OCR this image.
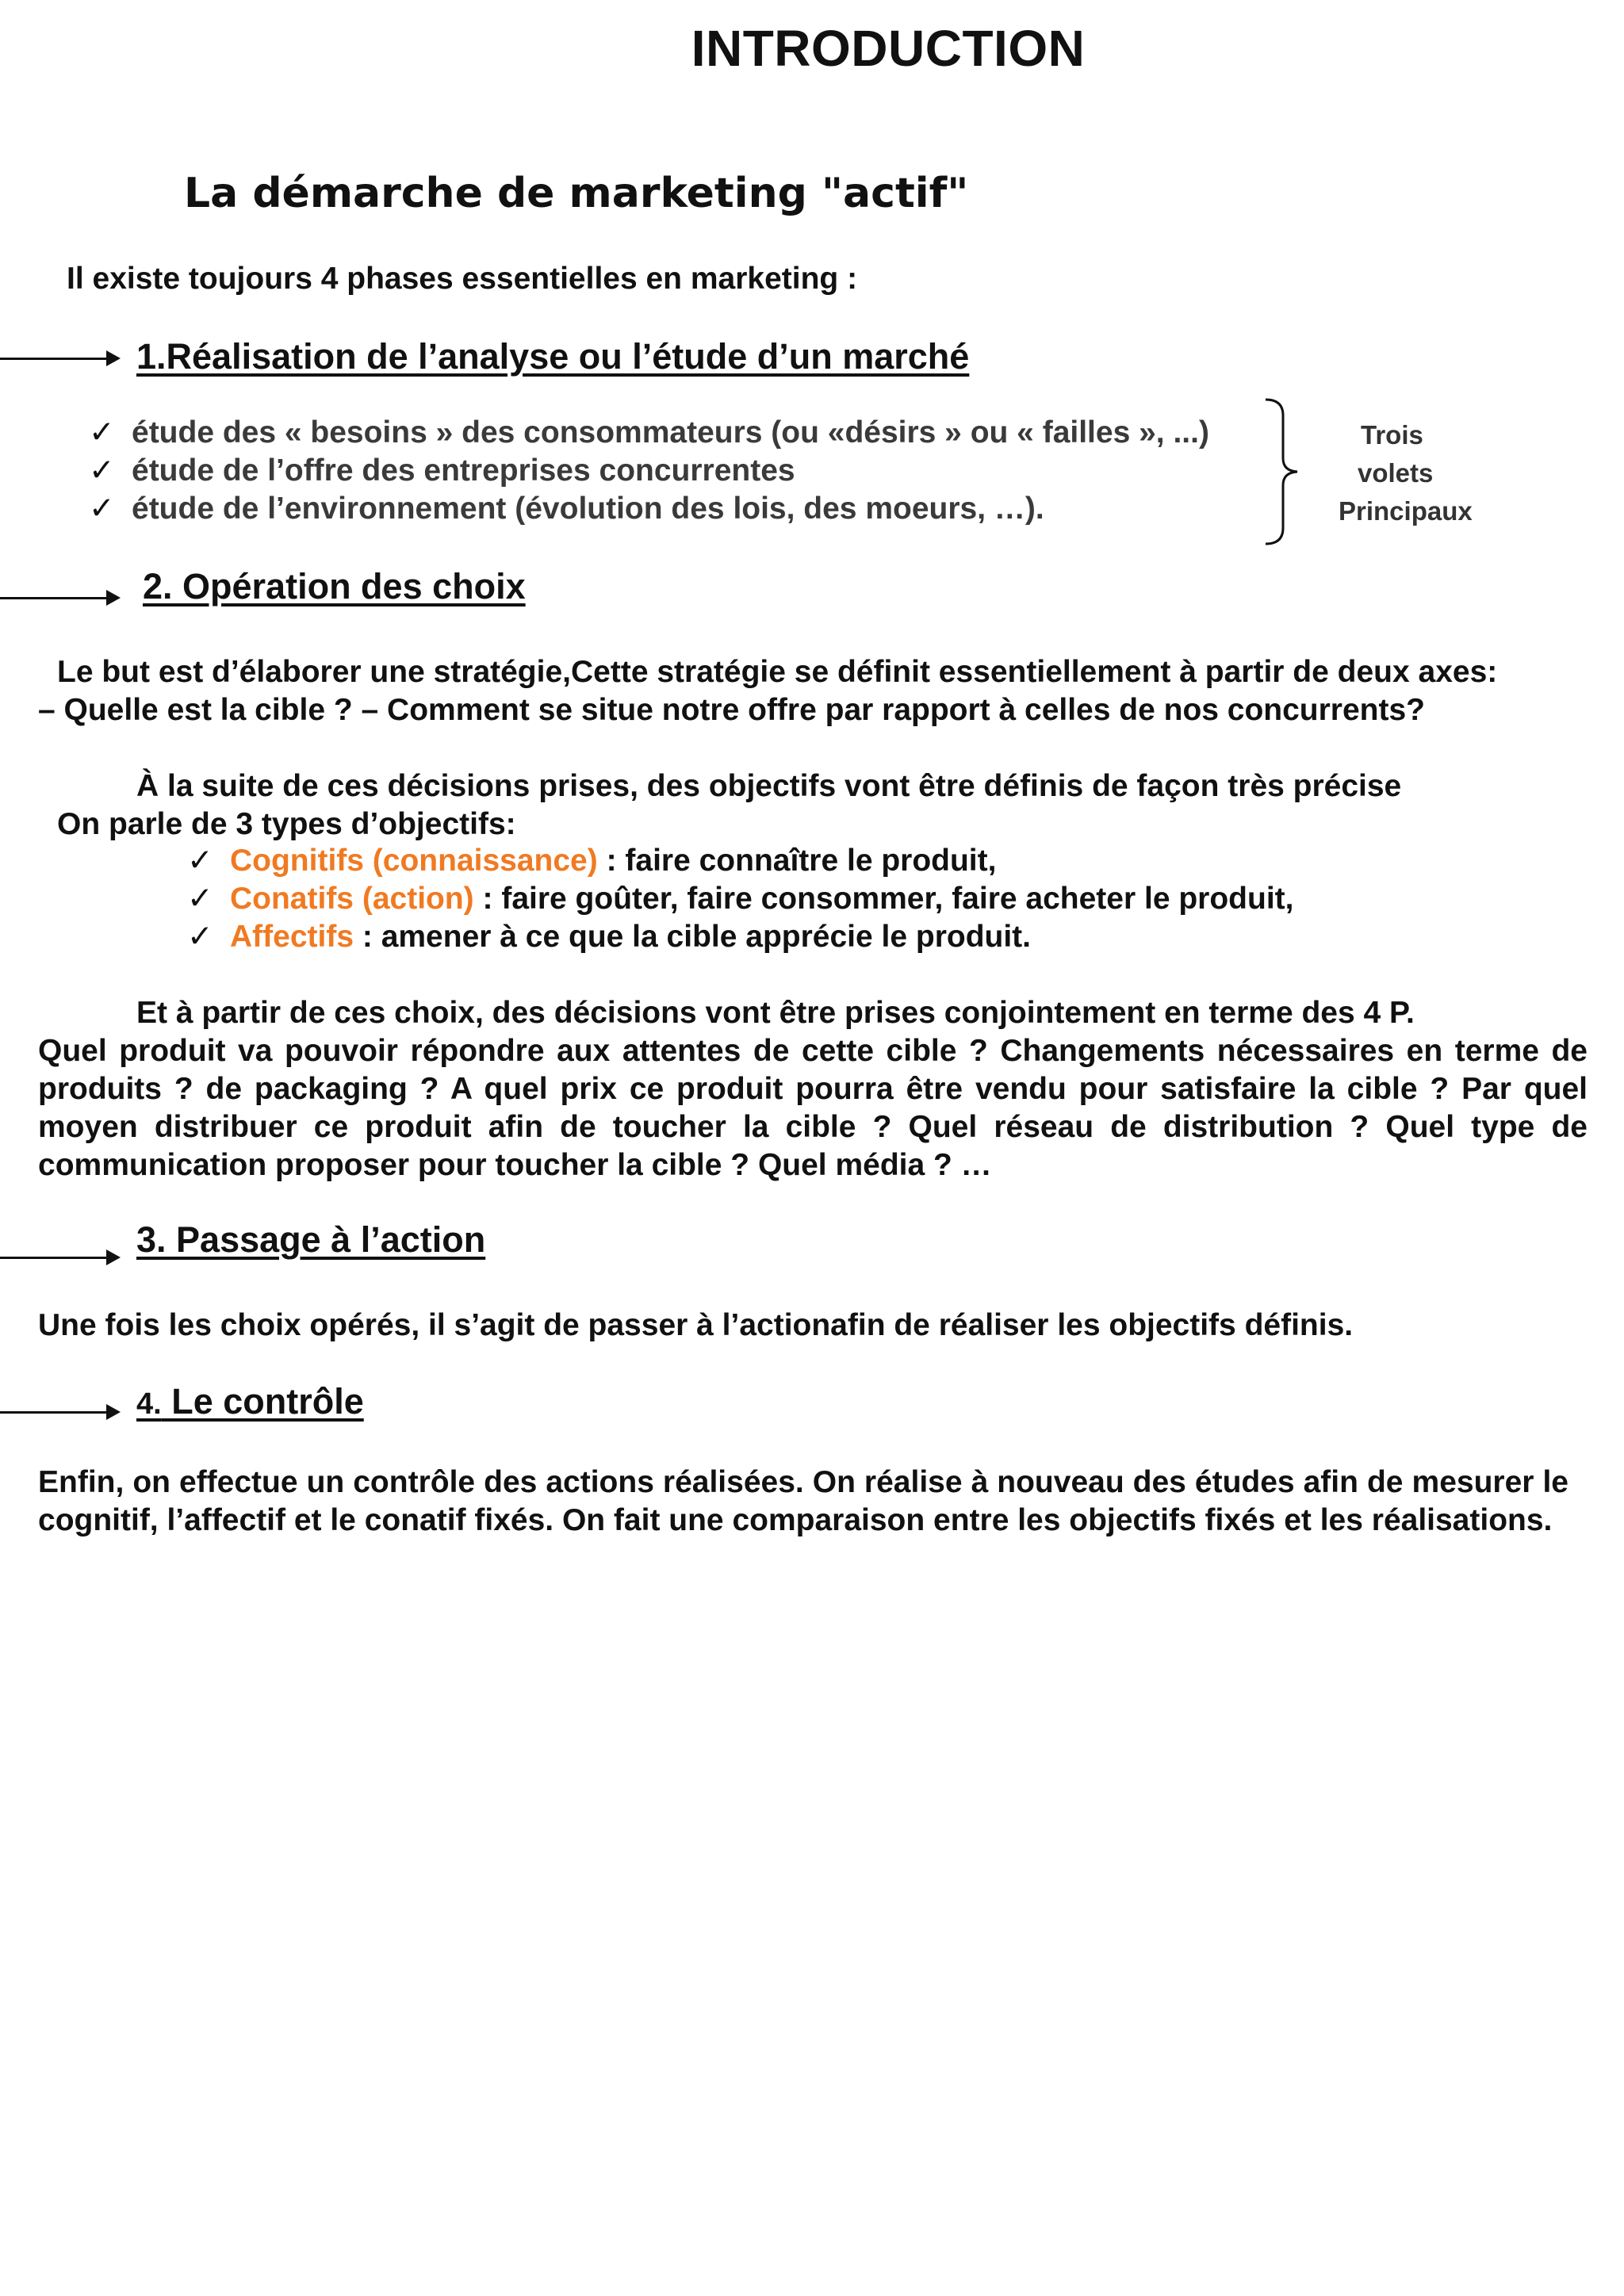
INTRODUCTION
La démarche de marketing "actif"
Il existe toujours 4 phases essentielles en marketing :
1.Réalisation de l’analyse ou l’étude d’un marché
✓ étude des « besoins » des consommateurs (ou «désirs » ou « failles », ...)
✓ étude de l’offre des entreprises concurrentes
✓ étude de l’environnement (évolution des lois, des moeurs, …).
Trois
volets
Principaux
2. Opération des choix
Le but est d’élaborer une stratégie,Cette stratégie se définit essentiellement à partir de deux axes:
– Quelle est la cible ? – Comment se situe notre offre par rapport à celles de nos concurrents?
À la suite de ces décisions prises, des objectifs vont être définis de façon très précise
On parle de 3 types d’objectifs:
✓ Cognitifs (connaissance) : faire connaître le produit,
✓ Conatifs (action) : faire goûter, faire consommer, faire acheter le produit,
✓ Affectifs : amener à ce que la cible apprécie le produit.
Et à partir de ces choix, des décisions vont être prises conjointement en terme des 4 P.
Quel produit va pouvoir répondre aux attentes de cette cible ? Changements nécessaires en terme de produits ? de packaging ? A quel prix ce produit pourra être vendu pour satisfaire la cible ? Par quel moyen distribuer ce produit afin de toucher la cible ? Quel réseau de distribution ? Quel type de communication proposer pour toucher la cible ? Quel média ? …
3. Passage à l’action
Une fois les choix opérés, il s’agit de passer à l’actionafin de réaliser les objectifs définis.
4. Le contrôle
Enfin, on effectue un contrôle des actions réalisées. On réalise à nouveau des études afin de mesurer le cognitif, l’affectif et le conatif fixés. On fait une comparaison entre les objectifs fixés et les réalisations.
